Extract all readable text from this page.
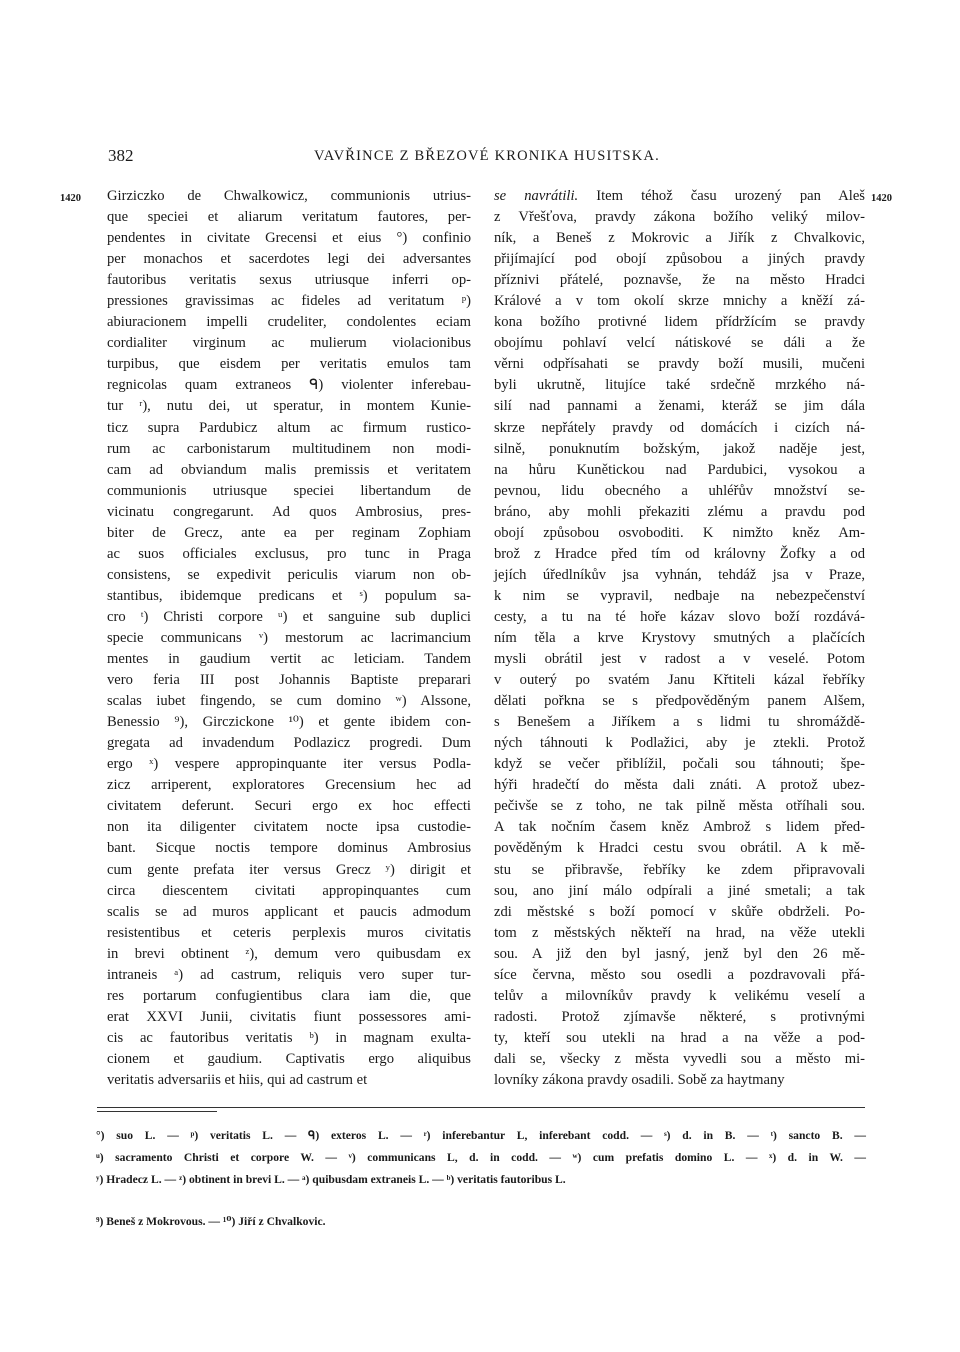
382	VAVŘINCE Z BŘEZOVÉ KRONIKA HUSITSKA.
1420	1420
Girziczko de Chwalkowicz, communionis utrius-
que speciei et aliarum veritatum fautores, per-
pendentes in civitate Grecensi et eius °) confinio
per monachos et sacerdotes legi dei adversantes
fautoribus veritatis sexus utriusque inferri op-
pressiones gravissimas ac fideles ad veritatum ᵖ)
abiuracionem impelli crudeliter, condolentes eciam
cordialiter virginum ac mulierum violacionibus
turpibus, que eisdem per veritatis emulos tam
regnicolas quam extraneos ᑫ) violenter inferebau-
tur ʳ), nutu dei, ut speratur, in montem Kunie-
ticz supra Pardubicz altum ac firmum rustico-
rum ac carbonistarum multitudinem non modi-
cam ad obviandum malis premissis et veritatem
communionis utriusque speciei libertandum de
vicinatu congregarunt. Ad quos Ambrosius, pres-
biter de Grecz, ante ea per reginam Zophiam
ac suos officiales exclusus, pro tunc in Praga
consistens, se expedivit periculis viarum non ob-
stantibus, ibidemque predicans et ˢ) populum sa-
cro ᵗ) Christi corpore ᵘ) et sanguine sub duplici
specie communicans ᵛ) mestorum ac lacrimancium
mentes in gaudium vertit ac leticiam. Tandem
vero feria III post Johannis Baptiste preparari
scalas iubet fingendo, se cum domino ʷ) Alssone,
Benessio ⁹), Girczickone ¹⁰) et gente ibidem con-
gregata ad invadendum Podlazicz progredi. Dum
ergo ˣ) vespere appropinquante iter versus Podla-
zicz arriperent, exploratores Grecensium hec ad
civitatem deferunt. Securi ergo ex hoc effecti
non ita diligenter civitatem nocte ipsa custodie-
bant. Sicque noctis tempore dominus Ambrosius
cum gente prefata iter versus Grecz ʸ) dirigit et
circa diescentem civitati appropinquantes cum
scalis se ad muros applicant et paucis admodum
resistentibus et ceteris perplexis muros civitatis
in brevi obtinent ᶻ), demum vero quibusdam ex
intraneis ᵃ) ad castrum, reliquis vero super tur-
res portarum confugientibus clara iam die, que
erat XXVI Junii, civitatis fiunt possessores ami-
cis ac fautoribus veritatis ᵇ) in magnam exulta-
cionem et gaudium. Captivatis ergo aliquibus
veritatis adversariis et hiis, qui ad castrum et
se navrátili. Item téhož času urozený pan Aleš
z Vřešťova, pravdy zákona božího veliký milov-
ník, a Beneš z Mokrovic a Jiřík z Chvalkovic,
přijímající pod obojí způsobou a jiných pravdy
příznivi přátelé, poznavše, že na město Hradci
Králové a v tom okolí skrze mnichy a kněží zá-
kona božího protivné lidem přídržícím se pravdy
obojímu pohlaví velcí nátiskové se dáli a že
věrni odpřísahati se pravdy boží musili, mučeni
byli ukrutně, litujíce také srdečně mrzkého ná-
silí nad pannami a ženami, kteráž se jim dála
skrze nepřátely pravdy od domácích i cizích ná-
silně, ponuknutím božským, jakož naděje jest,
na hůru Kunětickou nad Pardubici, vysokou a
pevnou, lidu obecného a uhléřův množství se-
bráno, aby mohli překaziti zlému a pravdu pod
obojí způsobou osvoboditi. K nimžto kněz Am-
brož z Hradce před tím od královny Žofky a od
jejích úředlníkův jsa vyhnán, tehdáž jsa v Praze,
k nim se vypravil, nedbaje na nebezpečenství
cesty, a tu na té hoře kázav slovo boží rozdává-
ním těla a krve Krystovy smutných a plačících
mysli obrátil jest v radost a v veselé. Potom
v outerý po svatém Janu Křtiteli kázal řebříky
dělati pořkna se s předpověděným panem Alšem,
s Benešem a Jiříkem a s lidmi tu shromáždě-
ných táhnouti k Podlažici, aby je ztekli. Protož
když se večer přiblížil, počali sou táhnouti; špe-
hýři hradečtí do města dali znáti. A protož ubez-
pečivše se z toho, ne tak pilně města otříhali sou.
A tak nočním časem kněz Ambrož s lidem před-
pověděným k Hradci cestu svou obrátil. A k mě-
stu se přibravše, řebříky ke zdem připravovali
sou, ano jiní málo odpírali a jiné smetali; a tak
zdi městské s boží pomocí v skůře obdrželi. Po-
tom z městských někteří na hrad, na věže utekli
sou. A již den byl jasný, jenž byl den 26 mě-
síce června, město sou osedli a pozdravovali přá-
telův a milovníkův pravdy k velikému veselí a
radosti. Protož zjímavše některé, s protivnými
ty, kteří sou utekli na hrad a na věže a pod-
dali se, všecky z města vyvedli sou a město mi-
lovníky zákona pravdy osadili. Sobě za haytmany
°) suo L. — ᵖ) veritatis L. — ᑫ) exteros L. — ʳ) inferebantur L, inferebant codd. — ˢ) d. in B. — ᵗ) sancto B. —
ᵘ) sacramento Christi et corpore W. — ᵛ) communicans L, d. in codd. — ʷ) cum prefatis domino L. — ˣ) d. in W. —
ʸ) Hradecz L. — ᶻ) obtinent in brevi L. — ᵃ) quibusdam extraneis L. — ᵇ) veritatis fautoribus L.
⁹) Beneš z Mokrovous. — ¹⁰) Jiří z Chvalkovic.
